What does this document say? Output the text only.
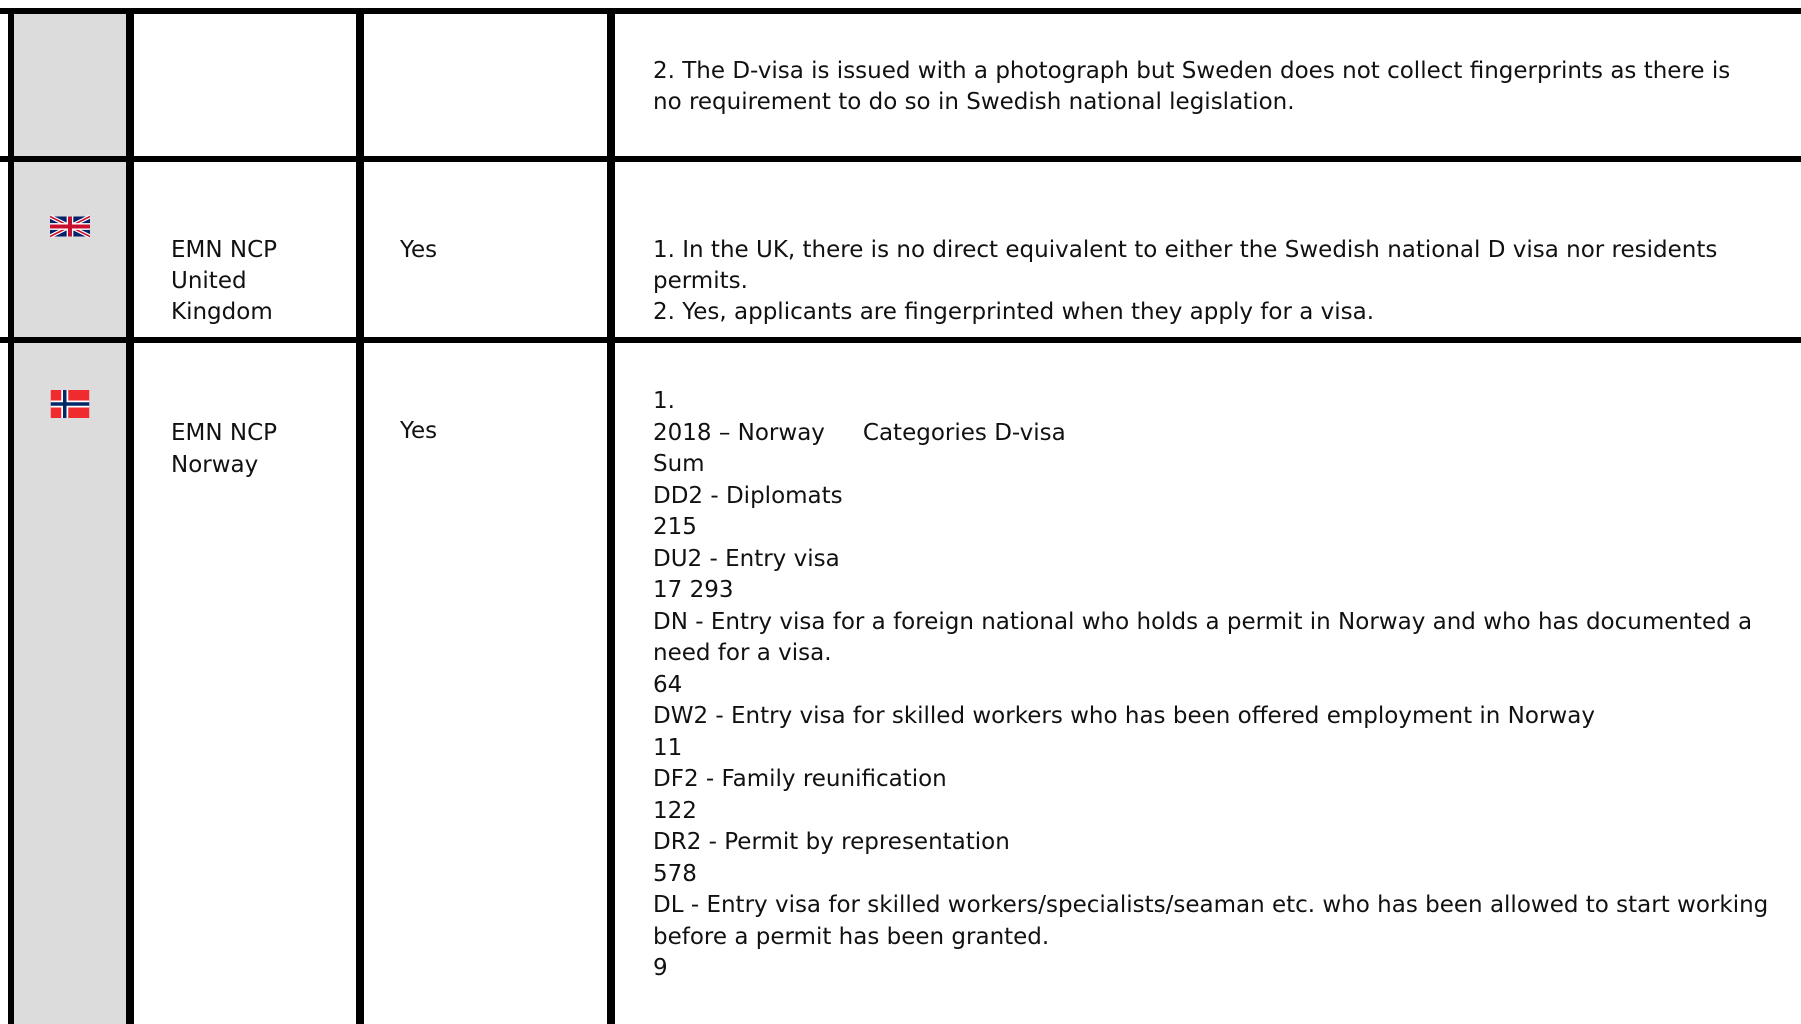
2. The D-visa is issued with a photograph but Sweden does not collect fingerprints as there is no requirement to do so in Swedish national legislation.

EMN NCP
United
Kingdom

Yes	1. In the UK, there is no direct equivalent to either the Swedish national D visa nor residents permits.

2. Yes, applicants are fingerprinted when they apply for a visa.

EMN NCP
Norway

Yes

1.
2018 – Norway Categories D-visa
Sum
DD2 - Diplomats
215
DU2 - Entry visa
17 293
DN - Entry visa for a foreign national who holds a permit in Norway and who has documented a need for a visa.
64
DW2 - Entry visa for skilled workers who has been offered employment in Norway
11
DF2 - Family reunification
122
DR2 - Permit by representation
578
DL - Entry visa for skilled workers/specialists/seaman etc. who has been allowed to start working before a permit has been granted.
9
